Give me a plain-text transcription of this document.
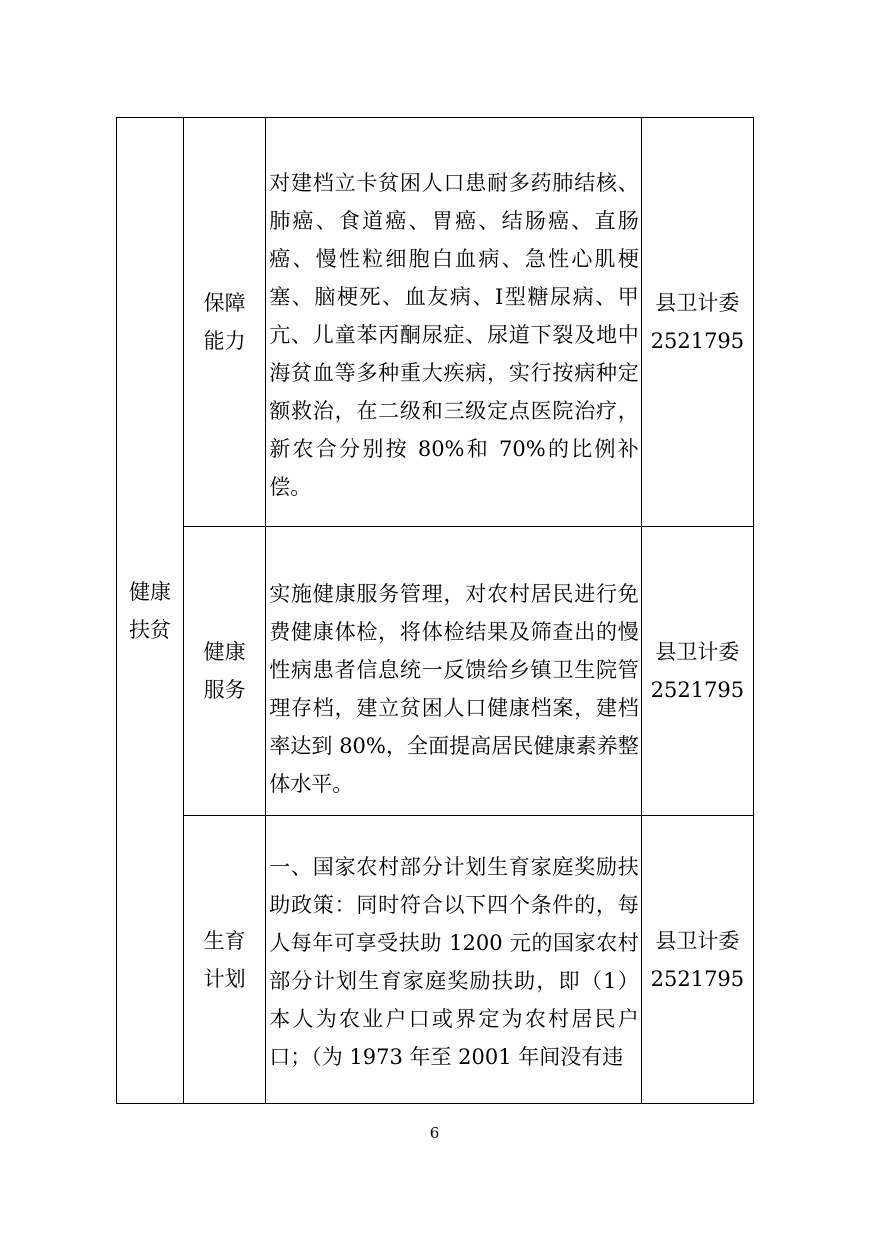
健康扶贫	保障能力	对建档立卡贫困人口患耐多药肺结核、肺癌、食道癌、胃癌、结肠癌、直肠癌、慢性粒细胞白血病、急性心肌梗塞、脑梗死、血友病、I型糖尿病、甲亢、儿童苯丙酮尿症、尿道下裂及地中海贫血等多种重大疾病，实行按病种定额救治，在二级和三级定点医院治疗，新农合分别按 80%和 70%的比例补偿。	县卫计委
2521795

	健康服务	实施健康服务管理，对农村居民进行免费健康体检，将体检结果及筛查出的慢性病患者信息统一反馈给乡镇卫生院管理存档，建立贫困人口健康档案，建档率达到 80%，全面提高居民健康素养整体水平。	县卫计委
2521795

	生育计划	一、国家农村部分计划生育家庭奖励扶助政策：同时符合以下四个条件的，每人每年可享受扶助 1200 元的国家农村部分计划生育家庭奖励扶助，即（1）本人为农业户口或界定为农村居民户口；（为 1973 年至 2001 年间没有违	县卫计委
2521795
6
